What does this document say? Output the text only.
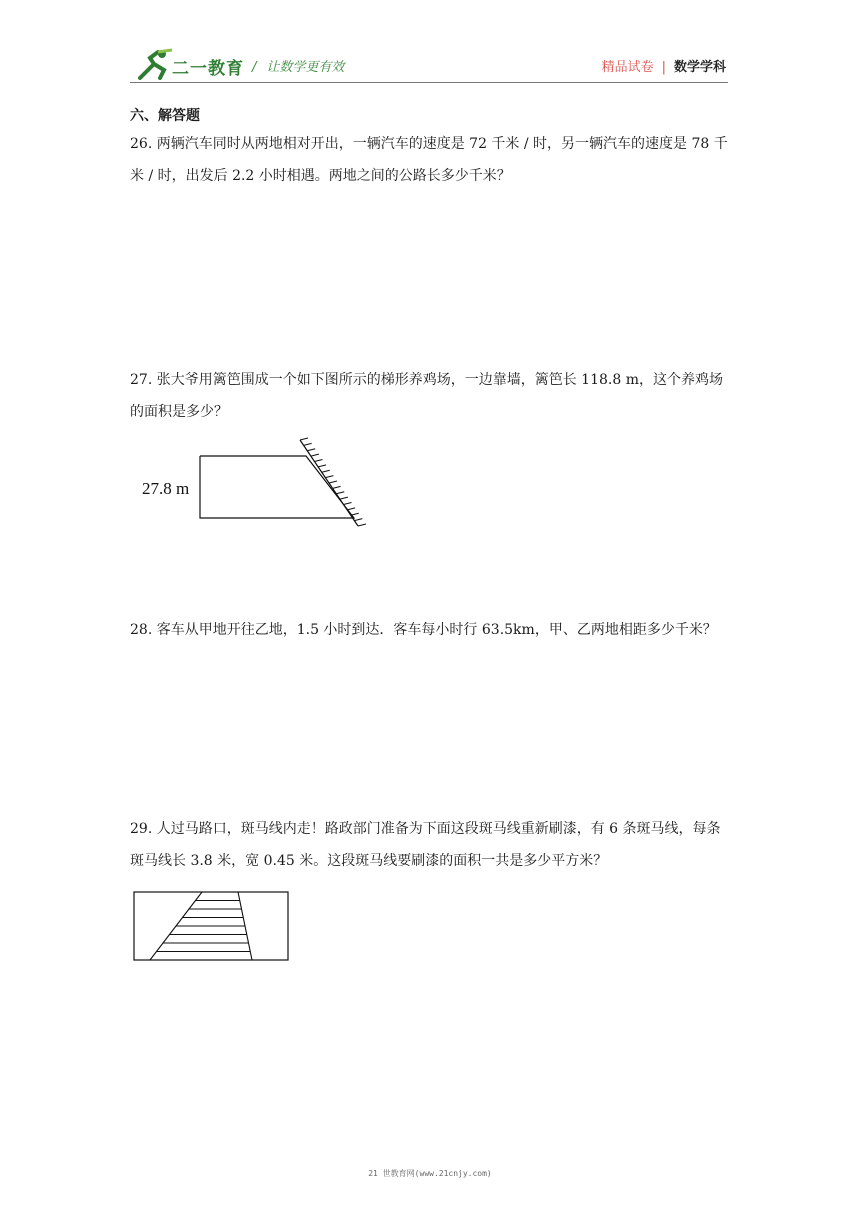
二一教育 / 让数学更有效	精品试卷 | 数学学科
六、解答题
26. 两辆汽车同时从两地相对开出，一辆汽车的速度是 72 千米 / 时，另一辆汽车的速度是 78 千米 / 时，出发后 2.2 小时相遇。两地之间的公路长多少千米？
27. 张大爷用篱笆围成一个如下图所示的梯形养鸡场，一边靠墙，篱笆长 118.8 m，这个养鸡场的面积是多少？
27.8 m
28. 客车从甲地开往乙地，1.5 小时到达．客车每小时行 63.5km，甲、乙两地相距多少千米？
29. 人过马路口，斑马线内走！路政部门准备为下面这段斑马线重新刷漆，有 6 条斑马线，每条斑马线长 3.8 米，宽 0.45 米。这段斑马线要刷漆的面积一共是多少平方米？
21 世教育网(www.21cnjy.com)
